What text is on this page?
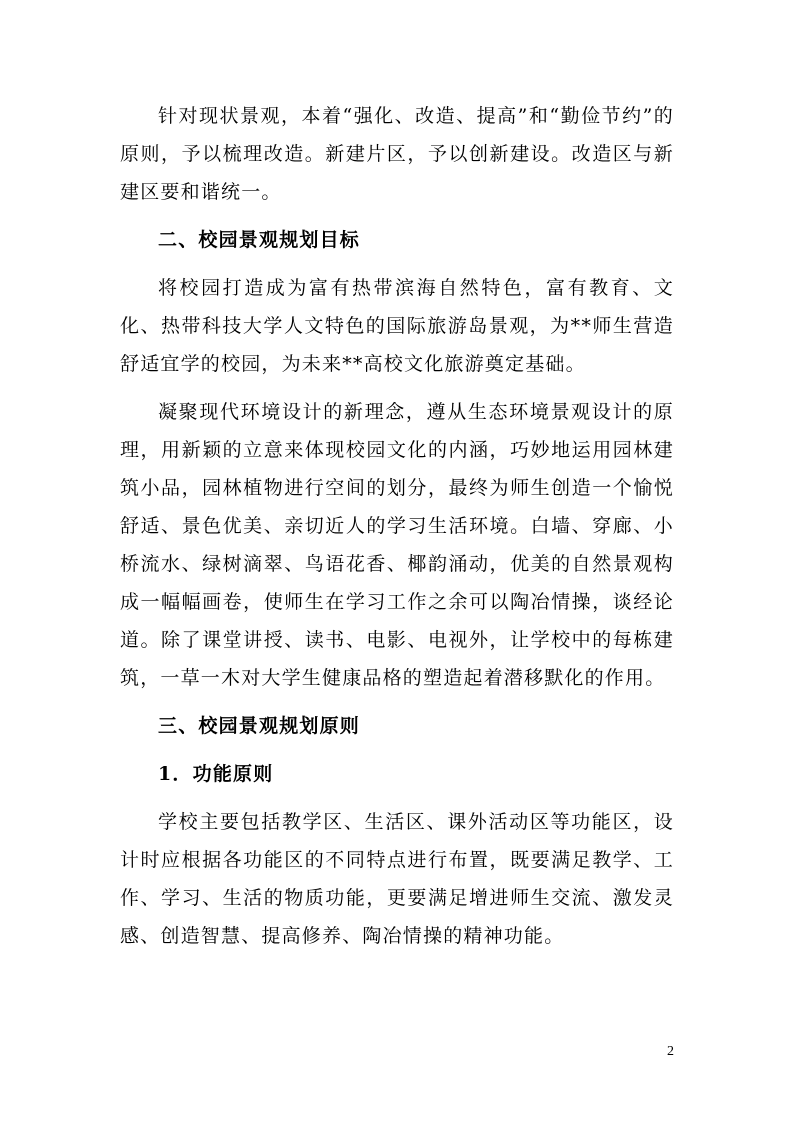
针对现状景观，本着“强化、改造、提高”和“勤俭节约”的原则，予以梳理改造。新建片区，予以创新建设。改造区与新建区要和谐统一。

二、校园景观规划目标

将校园打造成为富有热带滨海自然特色，富有教育、文化、热带科技大学人文特色的国际旅游岛景观，为**师生营造舒适宜学的校园，为未来**高校文化旅游奠定基础。

凝聚现代环境设计的新理念，遵从生态环境景观设计的原理，用新颖的立意来体现校园文化的内涵，巧妙地运用园林建筑小品，园林植物进行空间的划分，最终为师生创造一个愉悦舒适、景色优美、亲切近人的学习生活环境。白墙、穿廊、小桥流水、绿树滴翠、鸟语花香、椰韵涌动，优美的自然景观构成一幅幅画卷，使师生在学习工作之余可以陶冶情操，谈经论道。除了课堂讲授、读书、电影、电视外，让学校中的每栋建筑，一草一木对大学生健康品格的塑造起着潜移默化的作用。

三、校园景观规划原则

1．功能原则

学校主要包括教学区、生活区、课外活动区等功能区，设计时应根据各功能区的不同特点进行布置，既要满足教学、工作、学习、生活的物质功能，更要满足增进师生交流、激发灵感、创造智慧、提高修养、陶冶情操的精神功能。

2
